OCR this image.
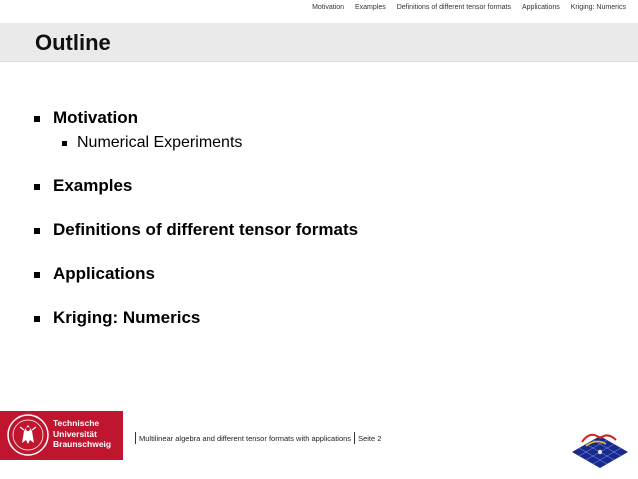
Motivation Examples Definitions of different tensor formats Applications Kriging: Numerics
Outline
Motivation
Numerical Experiments
Examples
Definitions of different tensor formats
Applications
Kriging: Numerics
Technische
Universität
Braunschweig
Multilinear algebra and different tensor formats with applications Seite 2
